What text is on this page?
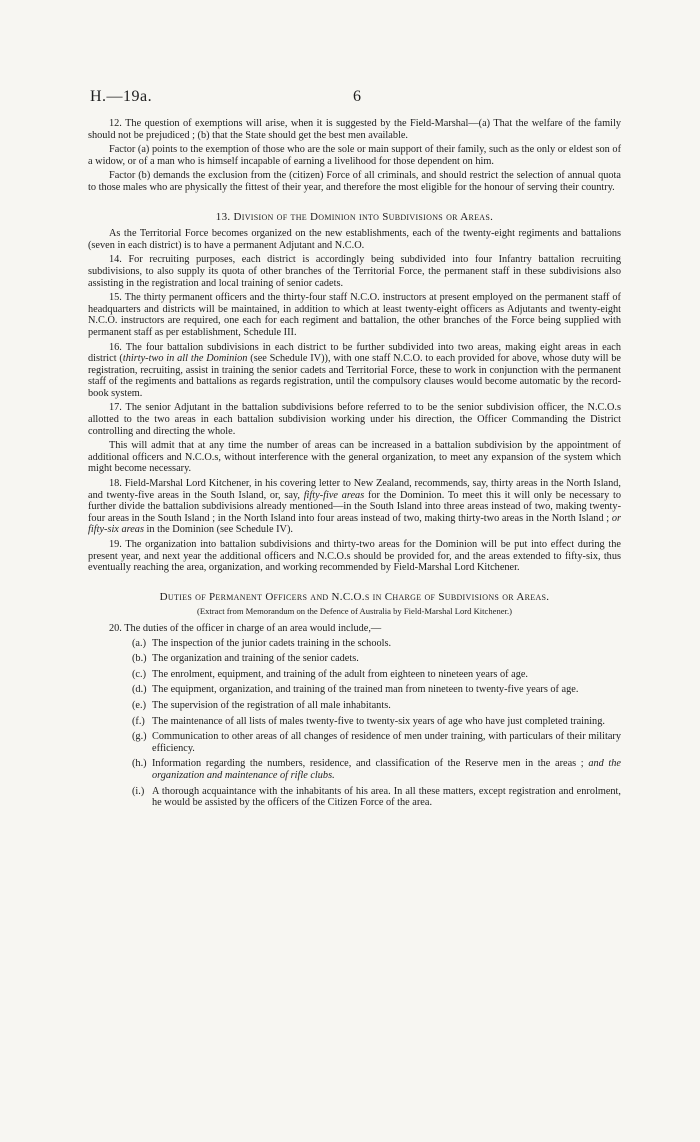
H.—19a.	6

12. The question of exemptions will arise, when it is suggested by the Field-Marshal—(a) That the welfare of the family should not be prejudiced ; (b) that the State should get the best men available.

Factor (a) points to the exemption of those who are the sole or main support of their family, such as the only or eldest son of a widow, or of a man who is himself incapable of earning a livelihood for those dependent on him.

Factor (b) demands the exclusion from the (citizen) Force of all criminals, and should restrict the selection of annual quota to those males who are physically the fittest of their year, and therefore the most eligible for the honour of serving their country.

13. Division of the Dominion into Subdivisions or Areas.

As the Territorial Force becomes organized on the new establishments, each of the twenty-eight regiments and battalions (seven in each district) is to have a permanent Adjutant and N.C.O.

14. For recruiting purposes, each district is accordingly being subdivided into four Infantry battalion recruiting subdivisions, to also supply its quota of other branches of the Territorial Force, the permanent staff in these subdivisions also assisting in the registration and local training of senior cadets.

15. The thirty permanent officers and the thirty-four staff N.C.O. instructors at present employed on the permanent staff of headquarters and districts will be maintained, in addition to which at least twenty-eight officers as Adjutants and twenty-eight N.C.O. instructors are required, one each for each regiment and battalion, the other branches of the Force being supplied with permanent staff as per establishment, Schedule III.

16. The four battalion subdivisions in each district to be further subdivided into two areas, making eight areas in each district (thirty-two in all the Dominion (see Schedule IV)), with one staff N.C.O. to each provided for above, whose duty will be registration, recruiting, assist in training the senior cadets and Territorial Force, these to work in conjunction with the permanent staff of the regiments and battalions as regards registration, until the compulsory clauses would become automatic by the record-book system.

17. The senior Adjutant in the battalion subdivisions before referred to to be the senior subdivision officer, the N.C.O.s allotted to the two areas in each battalion subdivision working under his direction, the Officer Commanding the District controlling and directing the whole.

This will admit that at any time the number of areas can be increased in a battalion subdivision by the appointment of additional officers and N.C.O.s, without interference with the general organization, to meet any expansion of the system which might become necessary.

18. Field-Marshal Lord Kitchener, in his covering letter to New Zealand, recommends, say, thirty areas in the North Island, and twenty-five areas in the South Island, or, say, fifty-five areas for the Dominion. To meet this it will only be necessary to further divide the battalion subdivisions already mentioned—in the South Island into three areas instead of two, making twenty-four areas in the South Island ; in the North Island into four areas instead of two, making thirty-two areas in the North Island ; or fifty-six areas in the Dominion (see Schedule IV).

19. The organization into battalion subdivisions and thirty-two areas for the Dominion will be put into effect during the present year, and next year the additional officers and N.C.O.s should be provided for, and the areas extended to fifty-six, thus eventually reaching the area, organization, and working recommended by Field-Marshal Lord Kitchener.

Duties of Permanent Officers and N.C.O.s in Charge of Subdivisions or Areas.
(Extract from Memorandum on the Defence of Australia by Field-Marshal Lord Kitchener.)

20. The duties of the officer in charge of an area would include,—

(a.) The inspection of the junior cadets training in the schools.
(b.) The organization and training of the senior cadets.
(c.) The enrolment, equipment, and training of the adult from eighteen to nineteen years of age.
(d.) The equipment, organization, and training of the trained man from nineteen to twenty-five years of age.
(e.) The supervision of the registration of all male inhabitants.
(f.) The maintenance of all lists of males twenty-five to twenty-six years of age who have just completed training.
(g.) Communication to other areas of all changes of residence of men under training, with particulars of their military efficiency.
(h.) Information regarding the numbers, residence, and classification of the Reserve men in the areas ; and the organization and maintenance of rifle clubs.
(i.) A thorough acquaintance with the inhabitants of his area. In all these matters, except registration and enrolment, he would be assisted by the officers of the Citizen Force of the area.
